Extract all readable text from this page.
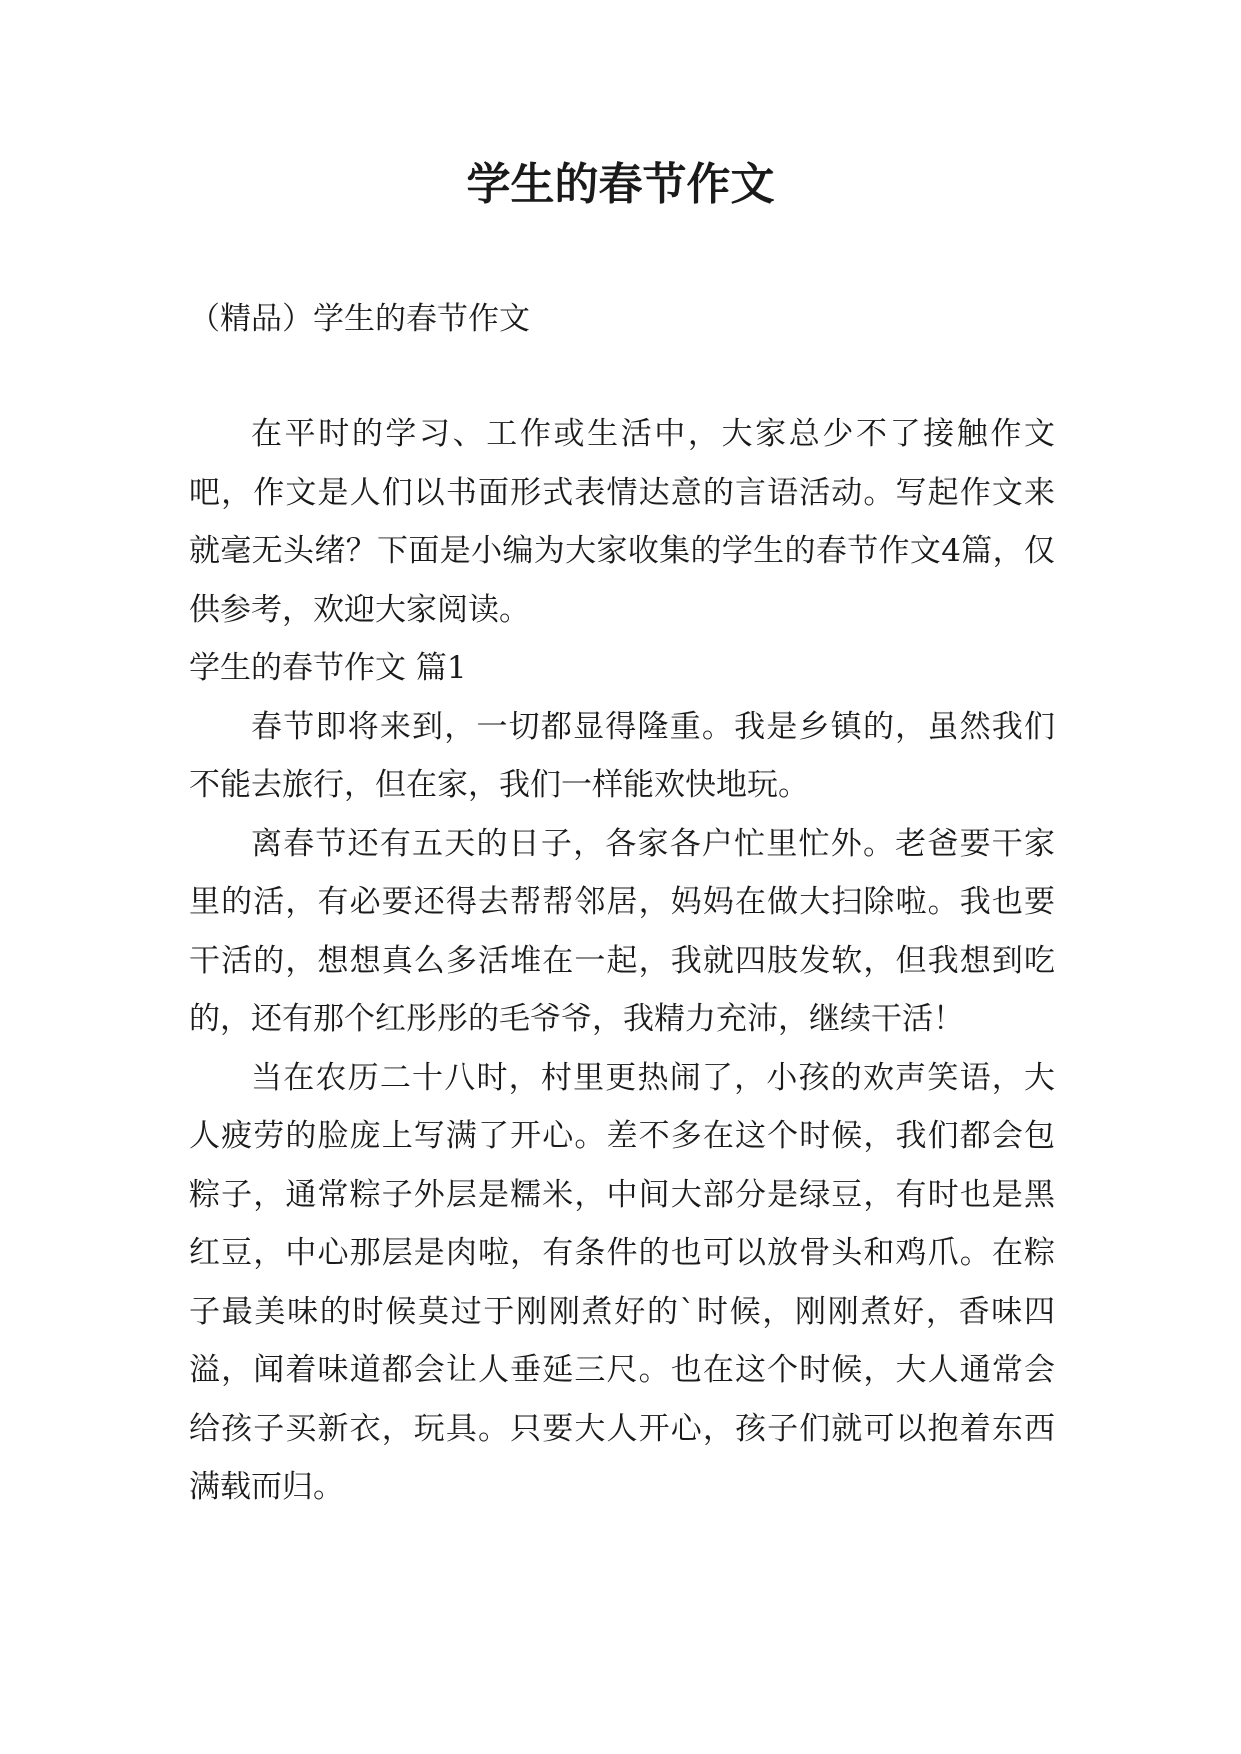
学生的春节作文

（精品）学生的春节作文

在平时的学习、工作或生活中，大家总少不了接触作文吧，作文是人们以书面形式表情达意的言语活动。写起作文来就毫无头绪？下面是小编为大家收集的学生的春节作文4篇，仅供参考，欢迎大家阅读。

学生的春节作文 篇1

春节即将来到，一切都显得隆重。我是乡镇的，虽然我们不能去旅行，但在家，我们一样能欢快地玩。

离春节还有五天的日子，各家各户忙里忙外。老爸要干家里的活，有必要还得去帮帮邻居，妈妈在做大扫除啦。我也要干活的，想想真么多活堆在一起，我就四肢发软，但我想到吃的，还有那个红彤彤的毛爷爷，我精力充沛，继续干活！

当在农历二十八时，村里更热闹了，小孩的欢声笑语，大人疲劳的脸庞上写满了开心。差不多在这个时候，我们都会包粽子，通常粽子外层是糯米，中间大部分是绿豆，有时也是黑红豆，中心那层是肉啦，有条件的也可以放骨头和鸡爪。在粽子最美味的时候莫过于刚刚煮好的`时候，刚刚煮好，香味四溢，闻着味道都会让人垂延三尺。也在这个时候，大人通常会给孩子买新衣，玩具。只要大人开心，孩子们就可以抱着东西满载而归。
